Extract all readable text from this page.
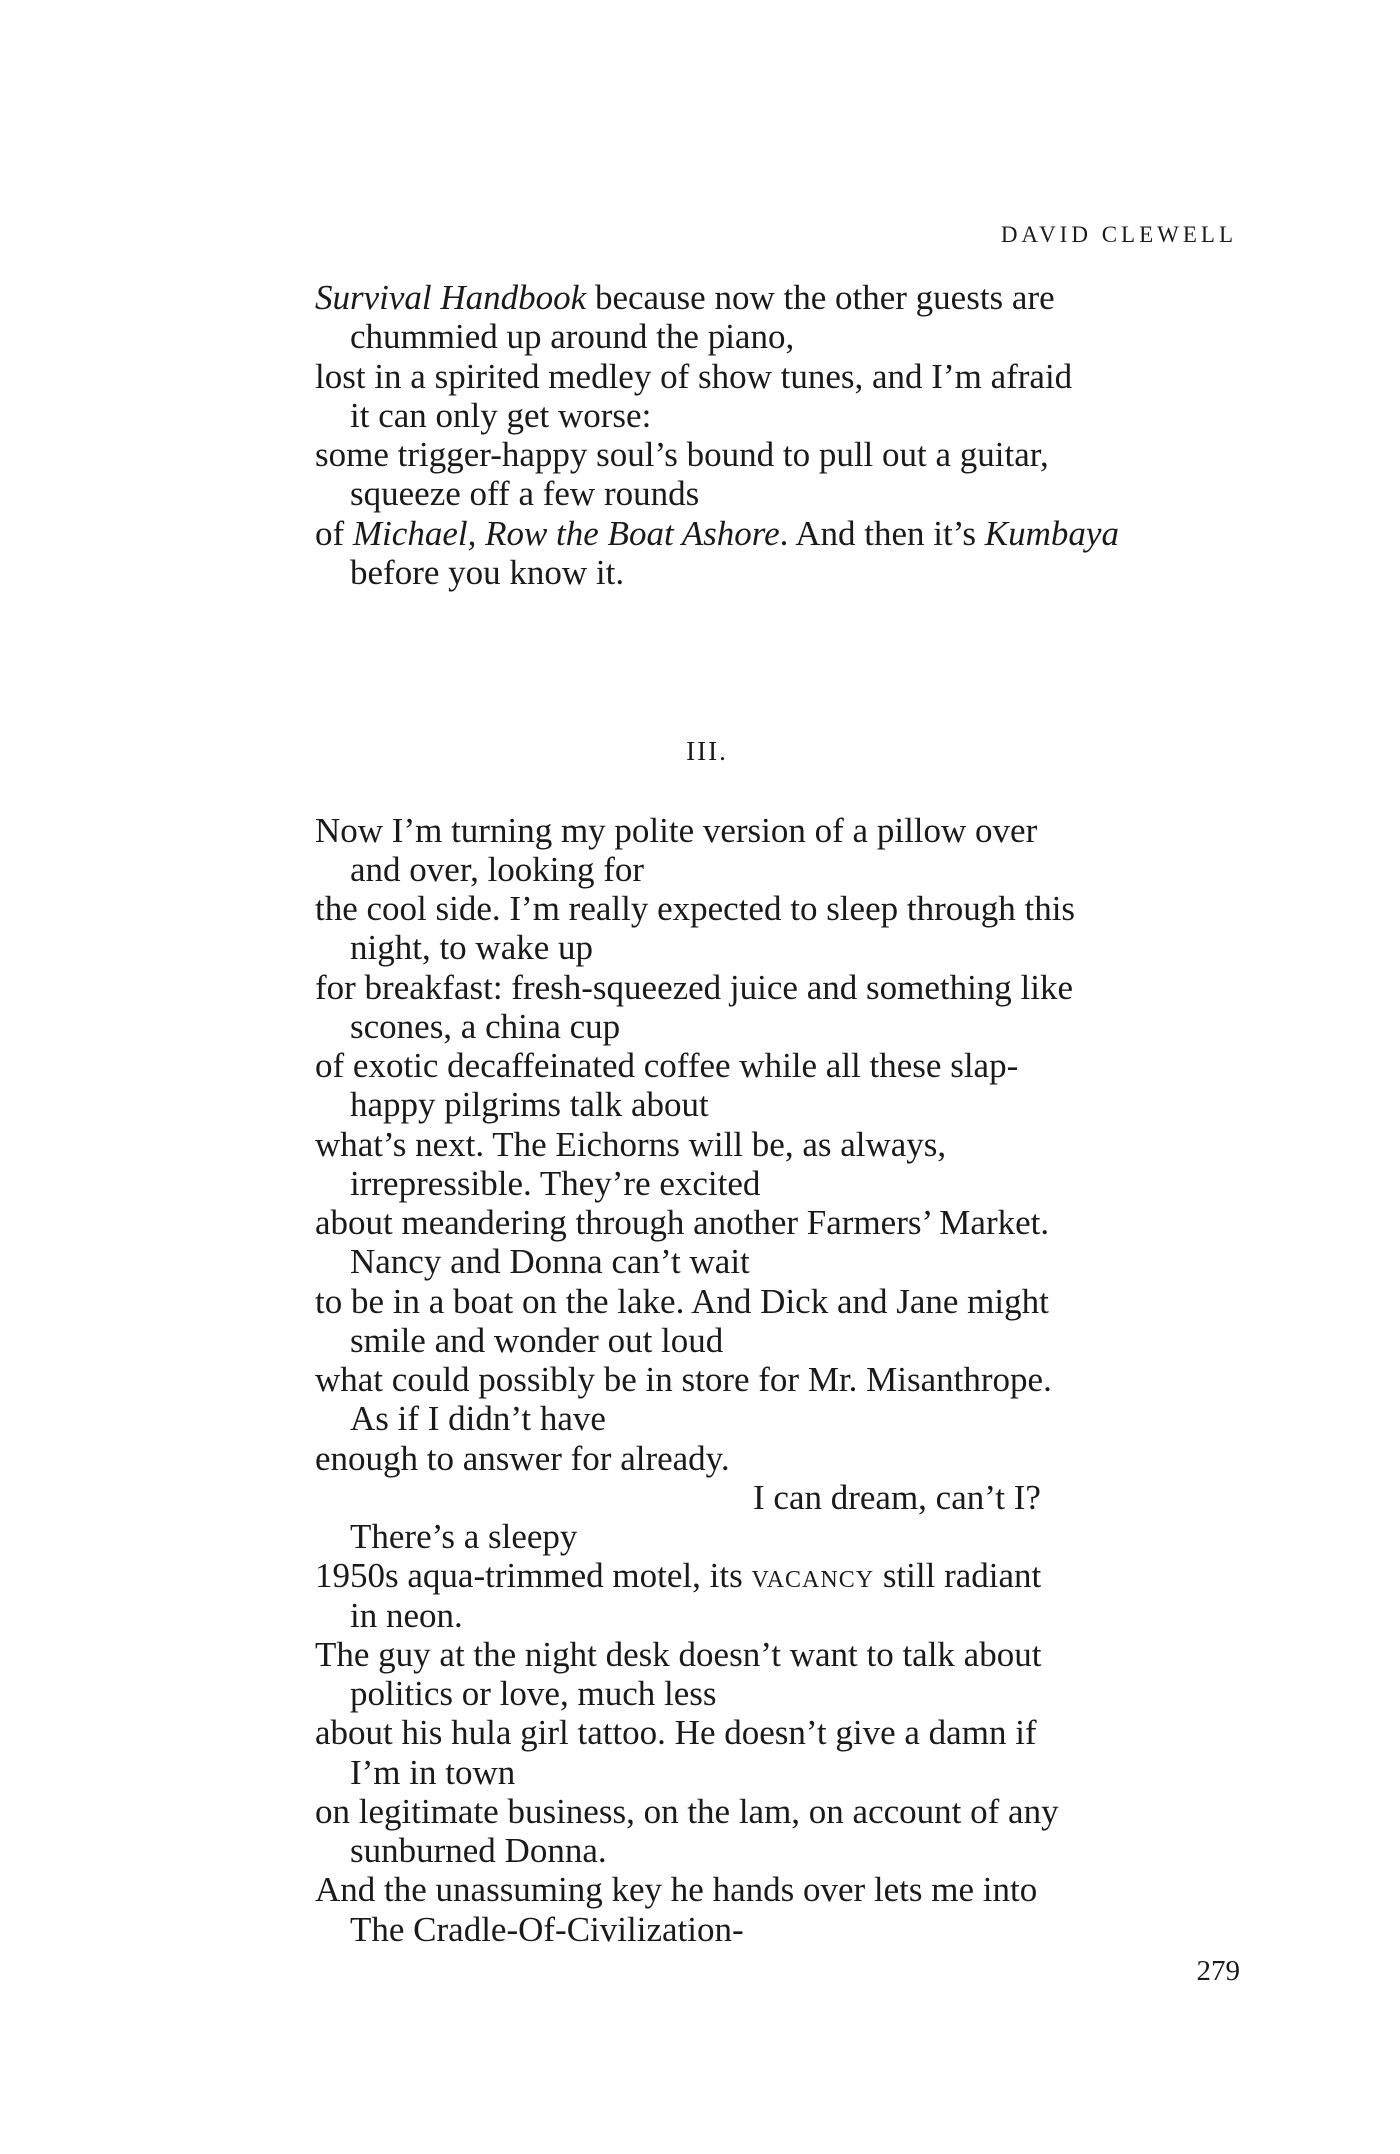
DAVID CLEWELL
Survival Handbook because now the other guests are
chummied up around the piano,
lost in a spirited medley of show tunes, and I’m afraid
it can only get worse:
some trigger-happy soul’s bound to pull out a guitar,
squeeze off a few rounds
of Michael, Row the Boat Ashore. And then it’s Kumbaya
before you know it.
III.
Now I’m turning my polite version of a pillow over
and over, looking for
the cool side. I’m really expected to sleep through this
night, to wake up
for breakfast: fresh-squeezed juice and something like
scones, a china cup
of exotic decaffeinated coffee while all these slap-
happy pilgrims talk about
what’s next. The Eichorns will be, as always,
irrepressible. They’re excited
about meandering through another Farmers’ Market.
Nancy and Donna can’t wait
to be in a boat on the lake. And Dick and Jane might
smile and wonder out loud
what could possibly be in store for Mr. Misanthrope.
As if I didn’t have
enough to answer for already.
I can dream, can’t I?
There’s a sleepy
1950s aqua-trimmed motel, its VACANCY still radiant
in neon.
The guy at the night desk doesn’t want to talk about
politics or love, much less
about his hula girl tattoo. He doesn’t give a damn if
I’m in town
on legitimate business, on the lam, on account of any
sunburned Donna.
And the unassuming key he hands over lets me into
The Cradle-Of-Civilization-
279
